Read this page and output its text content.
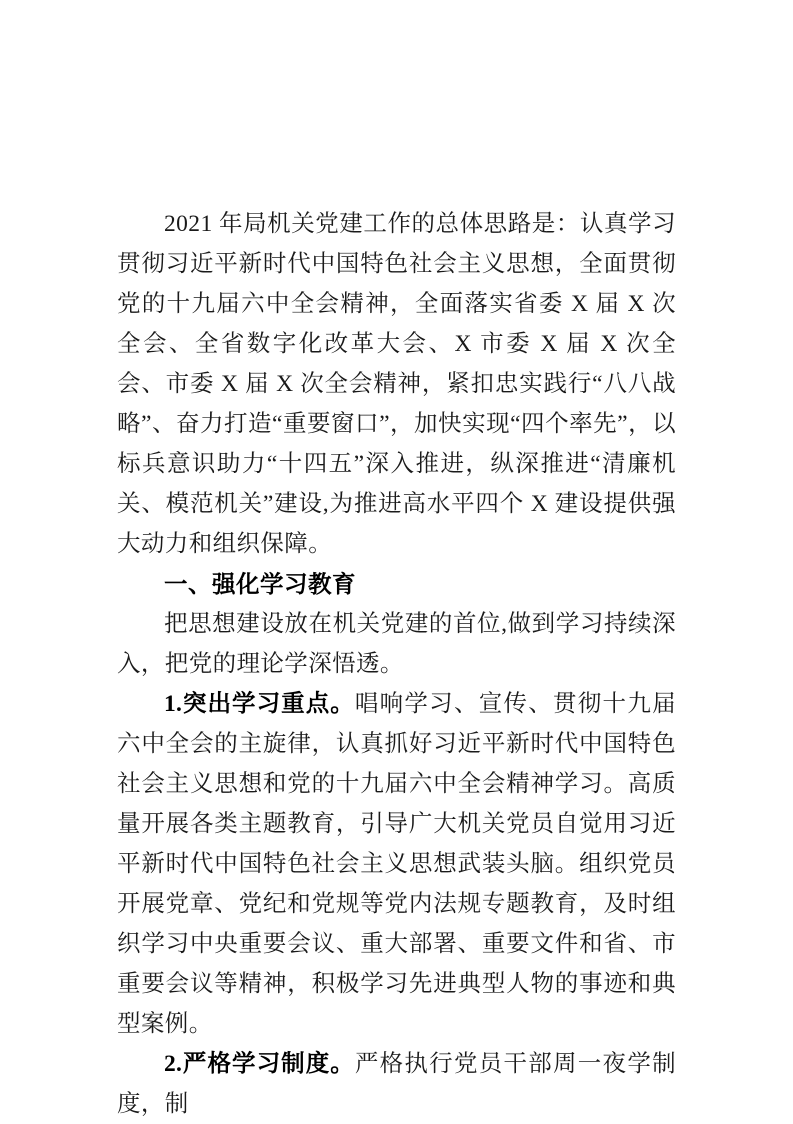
2021 年局机关党建工作的总体思路是：认真学习贯彻习近平新时代中国特色社会主义思想，全面贯彻党的十九届六中全会精神，全面落实省委 X 届 X 次全会、全省数字化改革大会、X 市委 X 届 X 次全会、市委 X 届 X 次全会精神，紧扣忠实践行“八八战略”、奋力打造“重要窗口”，加快实现“四个率先”，以标兵意识助力“十四五”深入推进，纵深推进“清廉机关、模范机关”建设,为推进高水平四个 X 建设提供强大动力和组织保障。

一、强化学习教育

把思想建设放在机关党建的首位,做到学习持续深入，把党的理论学深悟透。

1.突出学习重点。唱响学习、宣传、贯彻十九届六中全会的主旋律，认真抓好习近平新时代中国特色社会主义思想和党的十九届六中全会精神学习。高质量开展各类主题教育，引导广大机关党员自觉用习近平新时代中国特色社会主义思想武装头脑。组织党员开展党章、党纪和党规等党内法规专题教育，及时组织学习中央重要会议、重大部署、重要文件和省、市重要会议等精神，积极学习先进典型人物的事迹和典型案例。

2.严格学习制度。严格执行党员干部周一夜学制度，制
